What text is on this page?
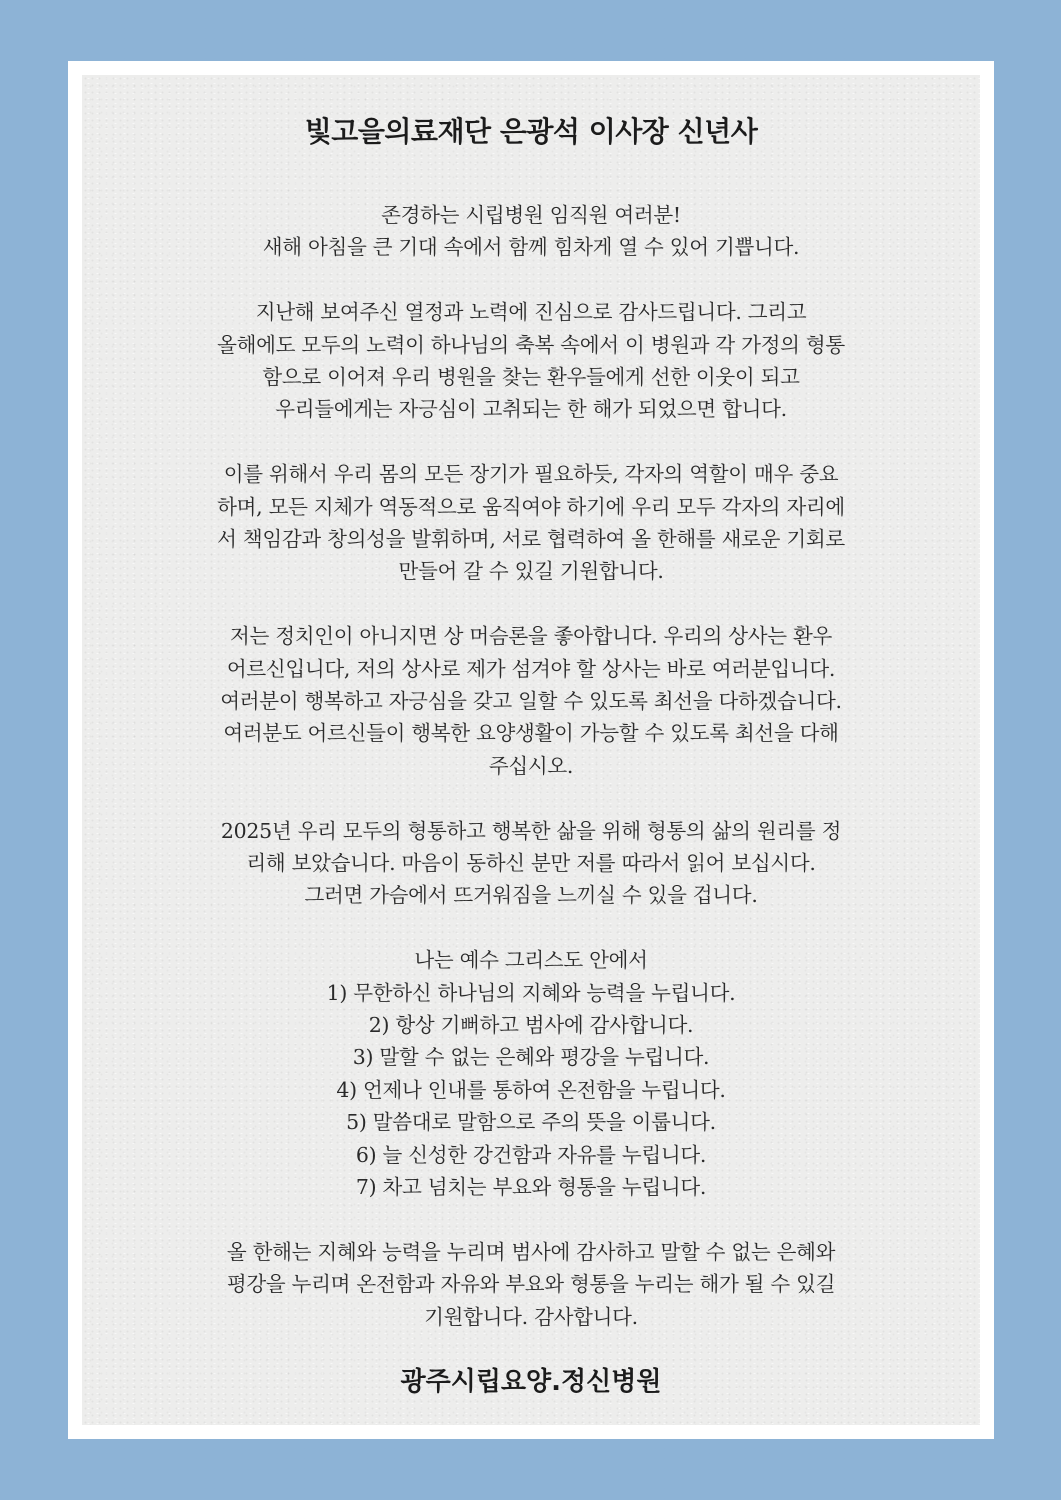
빛고을의료재단 은광석 이사장 신년사

존경하는 시립병원 임직원 여러분!
새해 아침을 큰 기대 속에서 함께 힘차게 열 수 있어 기쁩니다.

지난해 보여주신 열정과 노력에 진심으로 감사드립니다. 그리고
올해에도 모두의 노력이 하나님의 축복 속에서 이 병원과 각 가정의 형통
함으로 이어져 우리 병원을 찾는 환우들에게 선한 이웃이 되고
우리들에게는 자긍심이 고취되는 한 해가 되었으면 합니다.

이를 위해서 우리 몸의 모든 장기가 필요하듯, 각자의 역할이 매우 중요
하며, 모든 지체가 역동적으로 움직여야 하기에 우리 모두 각자의 자리에
서 책임감과 창의성을 발휘하며, 서로 협력하여 올 한해를 새로운 기회로
만들어 갈 수 있길 기원합니다.

저는 정치인이 아니지면 상 머슴론을 좋아합니다. 우리의 상사는 환우
어르신입니다, 저의 상사로 제가 섬겨야 할 상사는 바로 여러분입니다.
여러분이 행복하고 자긍심을 갖고 일할 수 있도록 최선을 다하겠습니다.
여러분도 어르신들이 행복한 요양생활이 가능할 수 있도록 최선을 다해
주십시오.

2025년 우리 모두의 형통하고 행복한 삶을 위해 형통의 삶의 원리를 정
리해 보았습니다. 마음이 동하신 분만 저를 따라서 읽어 보십시다.
그러면 가슴에서 뜨거워짐을 느끼실 수 있을 겁니다.

나는 예수 그리스도 안에서
1) 무한하신 하나님의 지혜와 능력을 누립니다.
2) 항상 기뻐하고 범사에 감사합니다.
3) 말할 수 없는 은혜와 평강을 누립니다.
4) 언제나 인내를 통하여 온전함을 누립니다.
5) 말씀대로 말함으로 주의 뜻을 이룹니다.
6) 늘 신성한 강건함과 자유를 누립니다.
7) 차고 넘치는 부요와 형통을 누립니다.

올 한해는 지혜와 능력을 누리며 범사에 감사하고 말할 수 없는 은혜와
평강을 누리며 온전함과 자유와 부요와 형통을 누리는 해가 될 수 있길
기원합니다. 감사합니다.

광주시립요양.정신병원
